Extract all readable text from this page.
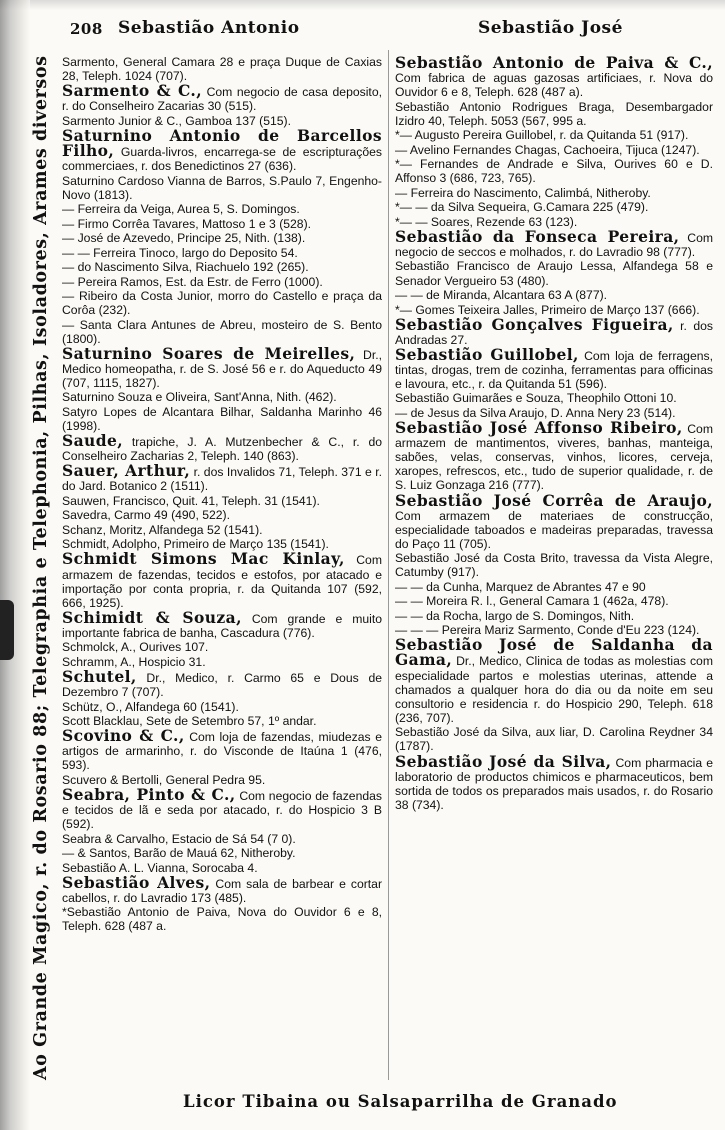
208 Sebastião Antonio	Sebastião José
Ao Grande Magico, r. do Rosario 88; Telegraphia e Telephonia, Pilhas, Isoladores, Arames diversos Sarmento, General Camara 28 e praça Duque de Caxias 28, Teleph. 1024 (707).
Sarmento & C., Com negocio de casa deposito, r. do Conselheiro Zacarias 30 (515).
Sarmento Junior & C., Gamboa 137 (515).
Saturnino Antonio de Barcellos Filho, Guarda-livros, encarrega-se de escripturações commerciaes, r. dos Benedictinos 27 (636).
Saturnino Cardoso Vianna de Barros, S.Paulo 7, Engenho-Novo (1813).
— Ferreira da Veiga, Aurea 5, S. Domingos.
— Firmo Corrêa Tavares, Mattoso 1 e 3 (528).
— José de Azevedo, Principe 25, Nith. (138).
— — Ferreira Tinoco, largo do Deposito 54.
— do Nascimento Silva, Riachuelo 192 (265).
— Pereira Ramos, Est. da Estr. de Ferro (1000).
— Ribeiro da Costa Junior, morro do Castello e praça da Corôa (232).
— Santa Clara Antunes de Abreu, mosteiro de S. Bento (1800).
Saturnino Soares de Meirelles, Dr., Medico homeopatha, r. de S. José 56 e r. do Aqueducto 49 (707, 1115, 1827).
Saturnino Souza e Oliveira, Sant'Anna, Nith. (462).
Satyro Lopes de Alcantara Bilhar, Saldanha Marinho 46 (1998).
Saude, trapiche, J. A. Mutzenbecher & C., r. do Conselheiro Zacharias 2, Teleph. 140 (863).
Sauer, Arthur, r. dos Invalidos 71, Teleph. 371 e r. do Jard. Botanico 2 (1511).
Sauwen, Francisco, Quit. 41, Teleph. 31 (1541).
Savedra, Carmo 49 (490, 522).
Schanz, Moritz, Alfandega 52 (1541).
Schmidt, Adolpho, Primeiro de Março 135 (1541).
Schmidt Simons Mac Kinlay, Com armazem de fazendas, tecidos e estofos, por atacado e importação por conta propria, r. da Quitanda 107 (592, 666, 1925).
Schimidt & Souza, Com grande e muito importante fabrica de banha, Cascadura (776).
Schmolck, A., Ourives 107.
Schramm, A., Hospicio 31.
Schutel, Dr., Medico, r. Carmo 65 e Dous de Dezembro 7 (707).
Schütz, O., Alfandega 60 (1541).
Scott Blacklau, Sete de Setembro 57, 1º andar.
Scovino & C., Com loja de fazendas, miudezas e artigos de armarinho, r. do Visconde de Itaúna 1 (476, 593).
Scuvero & Bertolli, General Pedra 95.
Seabra, Pinto & C., Com negocio de fazendas e tecidos de lã e seda por atacado, r. do Hospicio 3 B (592).
Seabra & Carvalho, Estacio de Sá 54 (7 0).
— & Santos, Barão de Mauá 62, Nitheroby.
Sebastião A. L. Vianna, Sorocaba 4.
Sebastião Alves, Com sala de barbear e cortar cabellos, r. do Lavradio 173 (485).
*Sebastião Antonio de Paiva, Nova do Ouvidor 6 e 8, Teleph. 628 (487 a.
Sebastião Antonio de Paiva & C., Com fabrica de aguas gazosas artificiaes, r. Nova do Ouvidor 6 e 8, Teleph. 628 (487 a).
Sebastião Antonio Rodrigues Braga, Desembargador Izidro 40, Teleph. 5053 (567, 995 a.
*— Augusto Pereira Guillobel, r. da Quitanda 51 (917).
— Avelino Fernandes Chagas, Cachoeira, Tijuca (1247).
*— Fernandes de Andrade e Silva, Ourives 60 e D. Affonso 3 (686, 723, 765).
— Ferreira do Nascimento, Calimbá, Nitheroby.
*— — da Silva Sequeira, G.Camara 225 (479).
*— — Soares, Rezende 63 (123).
Sebastião da Fonseca Pereira, Com negocio de seccos e molhados, r. do Lavradio 98 (777).
Sebastião Francisco de Araujo Lessa, Alfandega 58 e Senador Vergueiro 53 (480).
— — de Miranda, Alcantara 63 A (877).
*— Gomes Teixeira Jalles, Primeiro de Março 137 (666).
Sebastião Gonçalves Figueira, r. dos Andradas 27.
Sebastião Guillobel, Com loja de ferragens, tintas, drogas, trem de cozinha, ferramentas para officinas e lavoura, etc., r. da Quitanda 51 (596).
Sebastião Guimarães e Souza, Theophilo Ottoni 10.
— de Jesus da Silva Araujo, D. Anna Nery 23 (514).
Sebastião José Affonso Ribeiro, Com armazem de mantimentos, viveres, banhas, manteiga, sabões, velas, conservas, vinhos, licores, cerveja, xaropes, refrescos, etc., tudo de superior qualidade, r. de S. Luiz Gonzaga 216 (777).
Sebastião José Corrêa de Araujo, Com armazem de materiaes de construcção, especialidade taboados e madeiras preparadas, travessa do Paço 11 (705).
Sebastião José da Costa Brito, travessa da Vista Alegre, Catumby (917).
— — da Cunha, Marquez de Abrantes 47 e 90
— — Moreira R. l., General Camara 1 (462a, 478).
— — da Rocha, largo de S. Domingos, Nith.
— — — Pereira Mariz Sarmento, Conde d'Eu 223 (124).
Sebastião José de Saldanha da Gama, Dr., Medico, Clinica de todas as molestias com especialidade partos e molestias uterinas, attende a chamados a qualquer hora do dia ou da noite em seu consultorio e residencia r. do Hospicio 290, Teleph. 618 (236, 707).
Sebastião José da Silva, aux liar, D. Carolina Reydner 34 (1787).
Sebastião José da Silva, Com pharmacia e laboratorio de productos chimicos e pharmaceuticos, bem sortida de todos os preparados mais usados, r. do Rosario 38 (734).
Licor Tibaina ou Salsaparrilha de Granado
